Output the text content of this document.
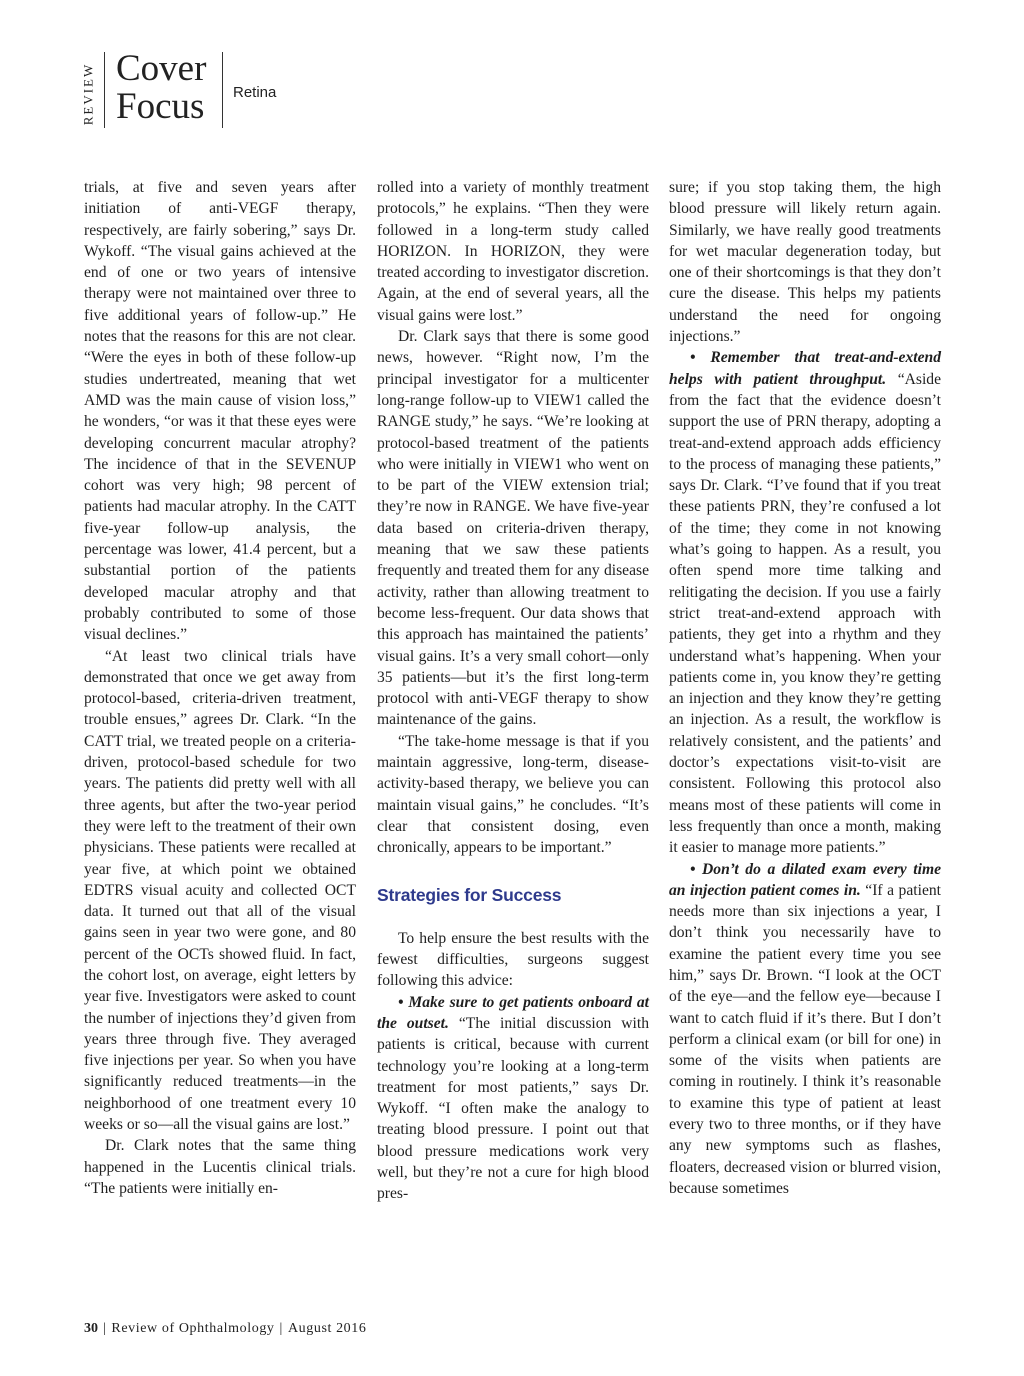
REVIEW Cover
Focus Retina

trials, at five and seven years after initiation of anti-VEGF therapy, respectively, are fairly sobering,” says Dr. Wykoff. “The visual gains achieved at the end of one or two years of intensive therapy were not maintained over three to five additional years of follow-up.” He notes that the reasons for this are not clear. “Were the eyes in both of these follow-up studies undertreated, meaning that wet AMD was the main cause of vision loss,” he wonders, “or was it that these eyes were developing concurrent macular atrophy? The incidence of that in the SEVENUP cohort was very high; 98 percent of patients had macular atrophy. In the CATT five-year follow-up analysis, the percentage was lower, 41.4 percent, but a substantial portion of the patients developed macular atrophy and that probably contributed to some of those visual declines.”

“At least two clinical trials have demonstrated that once we get away from protocol-based, criteria-driven treatment, trouble ensues,” agrees Dr. Clark. “In the CATT trial, we treated people on a criteria-driven, protocol-based schedule for two years. The patients did pretty well with all three agents, but after the two-year period they were left to the treatment of their own physicians. These patients were recalled at year five, at which point we obtained EDTRS visual acuity and collected OCT data. It turned out that all of the visual gains seen in year two were gone, and 80 percent of the OCTs showed fluid. In fact, the cohort lost, on average, eight letters by year five. Investigators were asked to count the number of injections they’d given from years three through five. They averaged five injections per year. So when you have significantly reduced treatments—in the neighborhood of one treatment every 10 weeks or so—all the visual gains are lost.”

Dr. Clark notes that the same thing happened in the Lucentis clinical trials. “The patients were initially en-

rolled into a variety of monthly treatment protocols,” he explains. “Then they were followed in a long-term study called HORIZON. In HORIZON, they were treated according to investigator discretion. Again, at the end of several years, all the visual gains were lost.”

Dr. Clark says that there is some good news, however. “Right now, I’m the principal investigator for a multicenter long-range follow-up to VIEW1 called the RANGE study,” he says. “We’re looking at protocol-based treatment of the patients who were initially in VIEW1 who went on to be part of the VIEW extension trial; they’re now in RANGE. We have five-year data based on criteria-driven therapy, meaning that we saw these patients frequently and treated them for any disease activity, rather than allowing treatment to become less-frequent. Our data shows that this approach has maintained the patients’ visual gains. It’s a very small cohort—only 35 patients—but it’s the first long-term protocol with anti-VEGF therapy to show maintenance of the gains.

“The take-home message is that if you maintain aggressive, long-term, disease-activity-based therapy, we believe you can maintain visual gains,” he concludes. “It’s clear that consistent dosing, even chronically, appears to be important.”

Strategies for Success

To help ensure the best results with the fewest difficulties, surgeons suggest following this advice:

• Make sure to get patients onboard at the outset. “The initial discussion with patients is critical, because with current technology you’re looking at a long-term treatment for most patients,” says Dr. Wykoff. “I often make the analogy to treating blood pressure. I point out that blood pressure medications work very well, but they’re not a cure for high blood pres-

sure; if you stop taking them, the high blood pressure will likely return again. Similarly, we have really good treatments for wet macular degeneration today, but one of their shortcomings is that they don’t cure the disease. This helps my patients understand the need for ongoing injections.”

• Remember that treat-and-extend helps with patient throughput. “Aside from the fact that the evidence doesn’t support the use of PRN therapy, adopting a treat-and-extend approach adds efficiency to the process of managing these patients,” says Dr. Clark. “I’ve found that if you treat these patients PRN, they’re confused a lot of the time; they come in not knowing what’s going to happen. As a result, you often spend more time talking and relitigating the decision. If you use a fairly strict treat-and-extend approach with patients, they get into a rhythm and they understand what’s happening. When your patients come in, you know they’re getting an injection and they know they’re getting an injection. As a result, the workflow is relatively consistent, and the patients’ and doctor’s expectations visit-to-visit are consistent. Following this protocol also means most of these patients will come in less frequently than once a month, making it easier to manage more patients.”

• Don’t do a dilated exam every time an injection patient comes in. “If a patient needs more than six injections a year, I don’t think you necessarily have to examine the patient every time you see him,” says Dr. Brown. “I look at the OCT of the eye—and the fellow eye—because I want to catch fluid if it’s there. But I don’t perform a clinical exam (or bill for one) in some of the visits when patients are coming in routinely. I think it’s reasonable to examine this type of patient at least every two to three months, or if they have any new symptoms such as flashes, floaters, decreased vision or blurred vision, because sometimes

30 | Review of Ophthalmology | August 2016
